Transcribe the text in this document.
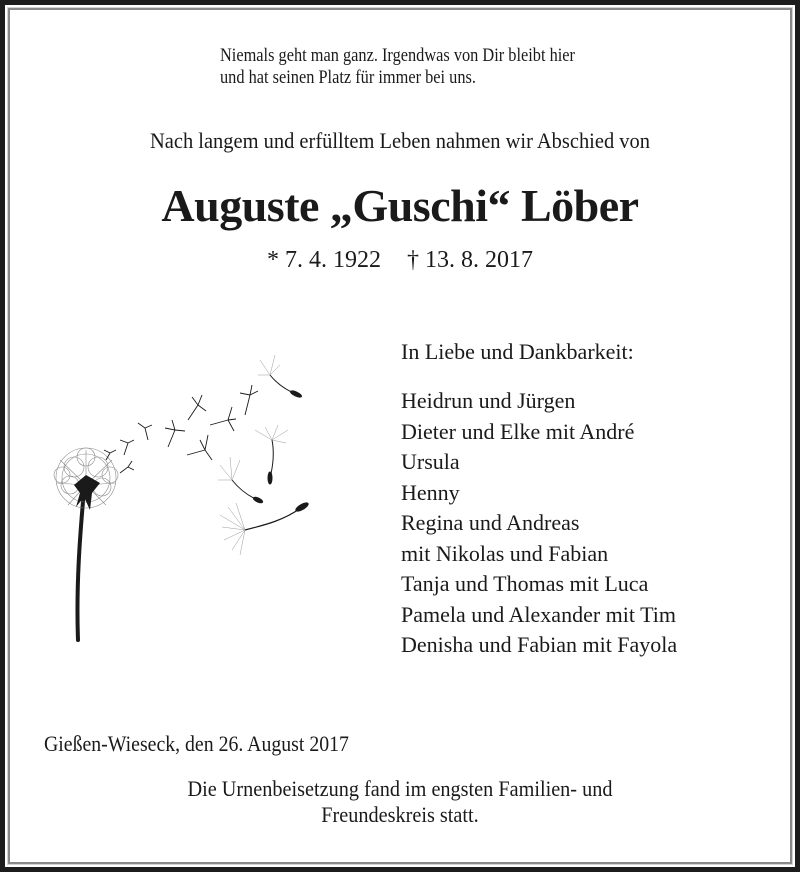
Niemals geht man ganz. Irgendwas von Dir bleibt hier
und hat seinen Platz für immer bei uns.
Nach langem und erfülltem Leben nahmen wir Abschied von
Auguste „Guschi“ Löber
* 7. 4. 1922 † 13. 8. 2017
In Liebe und Dankbarkeit:
Heidrun und Jürgen
Dieter und Elke mit André
Ursula
Henny
Regina und Andreas
mit Nikolas und Fabian
Tanja und Thomas mit Luca
Pamela und Alexander mit Tim
Denisha und Fabian mit Fayola
Gießen-Wieseck, den 26. August 2017
Die Urnenbeisetzung fand im engsten Familien- und
Freundeskreis statt.
